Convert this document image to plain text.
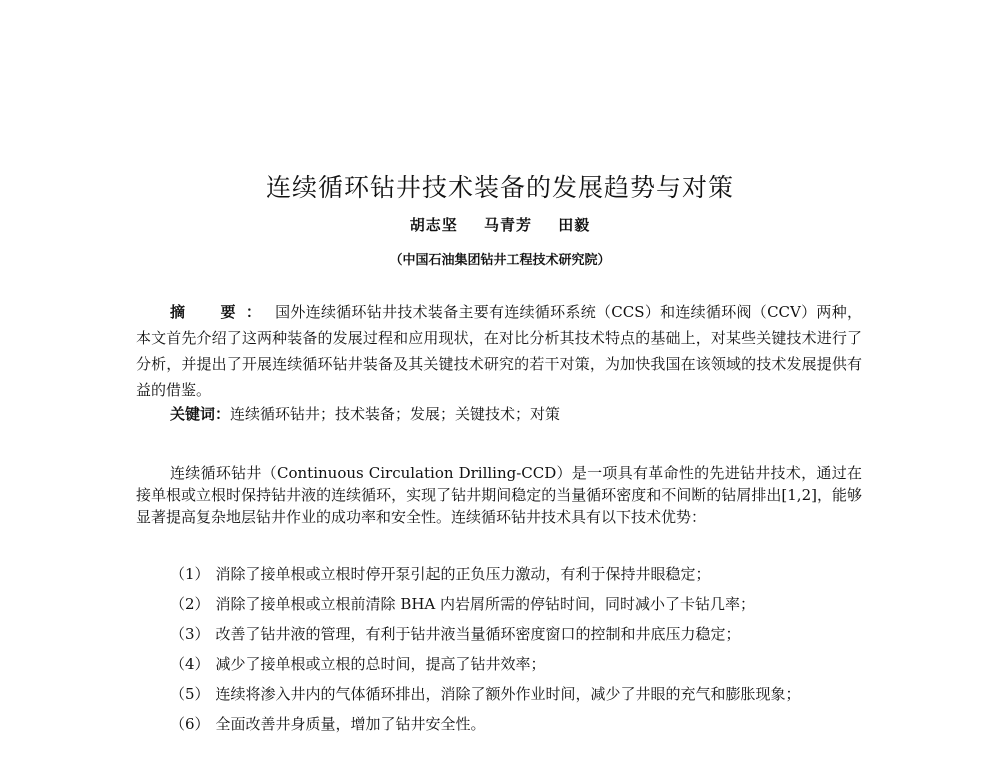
连续循环钻井技术装备的发展趋势与对策
胡志坚 马青芳 田毅
（中国石油集团钻井工程技术研究院）
摘　要： 国外连续循环钻井技术装备主要有连续循环系统（CCS）和连续循环阀（CCV）两种，本文首先介绍了这两种装备的发展过程和应用现状，在对比分析其技术特点的基础上，对某些关键技术进行了分析，并提出了开展连续循环钻井装备及其关键技术研究的若干对策，为加快我国在该领域的技术发展提供有益的借鉴。
关键词：连续循环钻井；技术装备；发展；关键技术；对策
连续循环钻井（Continuous Circulation Drilling-CCD）是一项具有革命性的先进钻井技术，通过在接单根或立根时保持钻井液的连续循环，实现了钻井期间稳定的当量循环密度和不间断的钻屑排出[1,2]，能够显著提高复杂地层钻井作业的成功率和安全性。连续循环钻井技术具有以下技术优势：
（1） 消除了接单根或立根时停开泵引起的正负压力激动，有利于保持井眼稳定；
（2） 消除了接单根或立根前清除 BHA 内岩屑所需的停钻时间，同时减小了卡钻几率；
（3） 改善了钻井液的管理，有利于钻井液当量循环密度窗口的控制和井底压力稳定；
（4） 减少了接单根或立根的总时间，提高了钻井效率；
（5） 连续将渗入井内的气体循环排出，消除了额外作业时间，减少了井眼的充气和膨胀现象；
（6） 全面改善井身质量，增加了钻井安全性。
